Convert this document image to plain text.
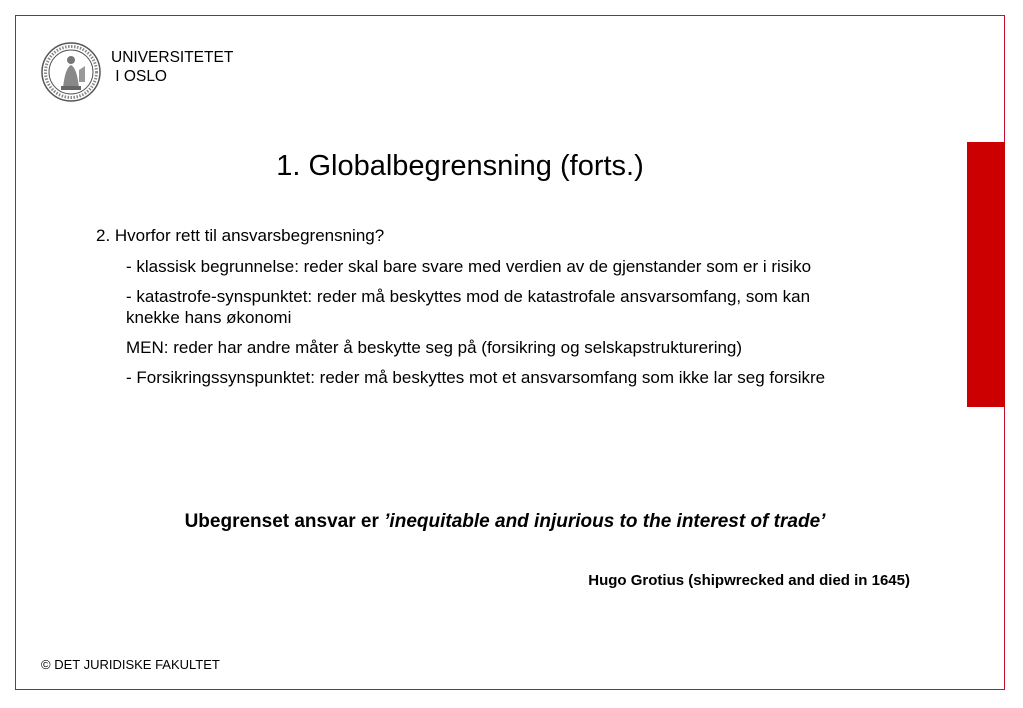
UNIVERSITETET
I OSLO
1. Globalbegrensning (forts.)
2. Hvorfor rett til ansvarsbegrensning?

- klassisk begrunnelse: reder skal bare svare med verdien av de gjenstander som er i risiko

- katastrofe-synspunktet: reder må beskyttes mod de katastrofale ansvarsomfang, som kan knekke hans økonomi

MEN: reder har andre måter å beskytte seg på (forsikring og selskapstrukturering)

- Forsikringssynspunktet: reder må beskyttes mot et ansvarsomfang som ikke lar seg forsikre

Ubegrenset ansvar er ’inequitable and injurious to the interest of trade’
Hugo Grotius (shipwrecked and died in 1645)
© DET JURIDISKE FAKULTET
